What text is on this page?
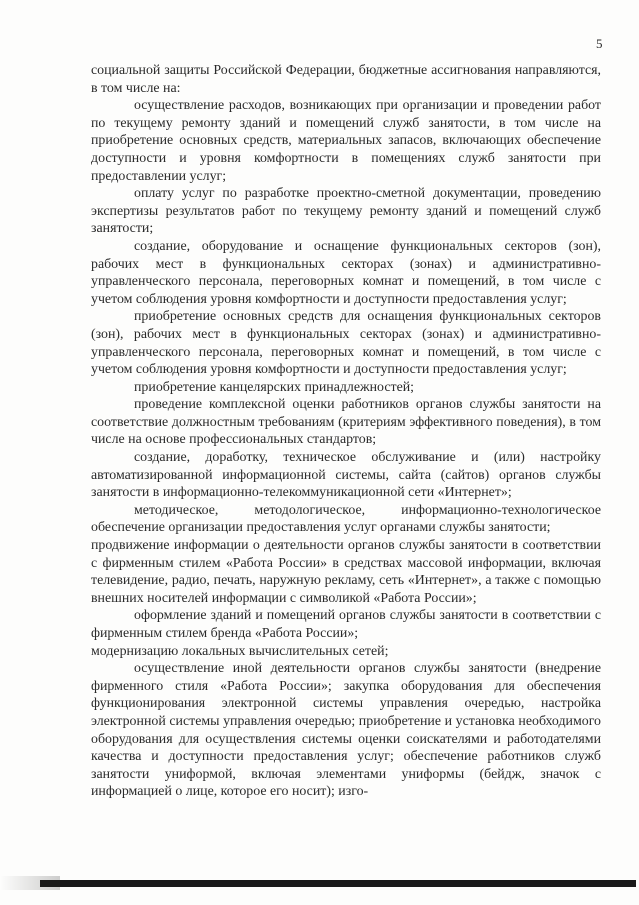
5

социальной защиты Российской Федерации, бюджетные ассигнования направляются, в том числе на:

осуществление расходов, возникающих при организации и проведении работ по текущему ремонту зданий и помещений служб занятости, в том числе на приобретение основных средств, материальных запасов, включающих обеспечение доступности и уровня комфортности в помещениях служб занятости при предоставлении услуг;

оплату услуг по разработке проектно-сметной документации, проведению экспертизы результатов работ по текущему ремонту зданий и помещений служб занятости;

создание, оборудование и оснащение функциональных секторов (зон), рабочих мест в функциональных секторах (зонах) и административно-управленческого персонала, переговорных комнат и помещений, в том числе с учетом соблюдения уровня комфортности и доступности предоставления услуг;

приобретение основных средств для оснащения функциональных секторов (зон), рабочих мест в функциональных секторах (зонах) и административно-управленческого персонала, переговорных комнат и помещений, в том числе с учетом соблюдения уровня комфортности и доступности предоставления услуг;

приобретение канцелярских принадлежностей;

проведение комплексной оценки работников органов службы занятости на соответствие должностным требованиям (критериям эффективного поведения), в том числе на основе профессиональных стандартов;

создание, доработку, техническое обслуживание и (или) настройку автоматизированной информационной системы, сайта (сайтов) органов службы занятости в информационно-телекоммуникационной сети «Интернет»;

методическое, методологическое, информационно-технологическое обеспечение организации предоставления услуг органами службы занятости;

продвижение информации о деятельности органов службы занятости в соответствии с фирменным стилем «Работа России» в средствах массовой информации, включая телевидение, радио, печать, наружную рекламу, сеть «Интернет», а также с помощью внешних носителей информации с символикой «Работа России»;

оформление зданий и помещений органов службы занятости в соответствии с фирменным стилем бренда «Работа России»;

модернизацию локальных вычислительных сетей;

осуществление иной деятельности органов службы занятости (внедрение фирменного стиля «Работа России»; закупка оборудования для обеспечения функционирования электронной системы управления очередью, настройка электронной системы управления очередью; приобретение и установка необходимого оборудования для осуществления системы оценки соискателями и работодателями качества и доступности предоставления услуг; обеспечение работников служб занятости униформой, включая элементами униформы (бейдж, значок с информацией о лице, которое его носит); изго-
